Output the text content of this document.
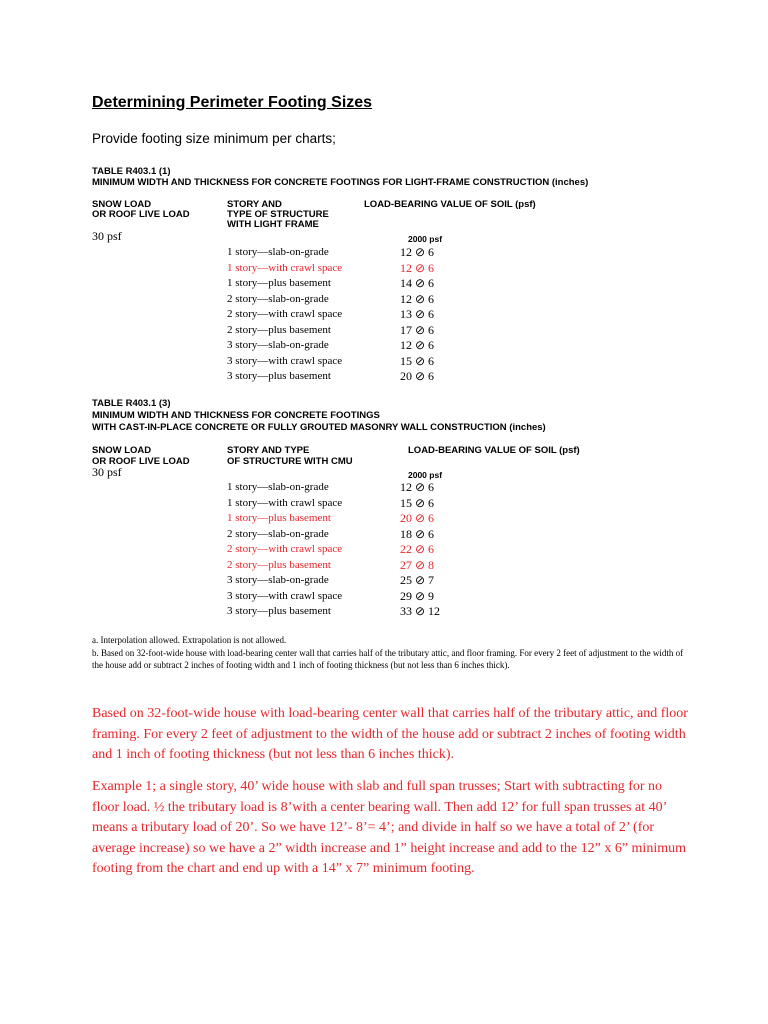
Determining Perimeter Footing Sizes
Provide footing size minimum per charts;
TABLE R403.1 (1)
MINIMUM WIDTH AND THICKNESS FOR CONCRETE FOOTINGS FOR LIGHT-FRAME CONSTRUCTION (inches)
SNOW LOAD
OR ROOF LIVE LOAD
STORY AND
TYPE OF STRUCTURE
WITH LIGHT FRAME
LOAD-BEARING VALUE OF SOIL (psf)
30 psf	2000 psf
1 story—slab-on-grade	12 ⊘ 6
1 story—with crawl space	12 ⊘ 6
1 story—plus basement	14 ⊘ 6
2 story—slab-on-grade	12 ⊘ 6
2 story—with crawl space	13 ⊘ 6
2 story—plus basement	17 ⊘ 6
3 story—slab-on-grade	12 ⊘ 6
3 story—with crawl space	15 ⊘ 6
3 story—plus basement	20 ⊘ 6
TABLE R403.1 (3)
MINIMUM WIDTH AND THICKNESS FOR CONCRETE FOOTINGS
WITH CAST-IN-PLACE CONCRETE OR FULLY GROUTED MASONRY WALL CONSTRUCTION (inches)
SNOW LOAD
OR ROOF LIVE LOAD
STORY AND TYPE
OF STRUCTURE WITH CMU
LOAD-BEARING VALUE OF SOIL (psf)
30 psf	2000 psf
1 story—slab-on-grade	12 ⊘ 6
1 story—with crawl space	15 ⊘ 6
1 story—plus basement	20 ⊘ 6
2 story—slab-on-grade	18 ⊘ 6
2 story—with crawl space	22 ⊘ 6
2 story—plus basement	27 ⊘ 8
3 story—slab-on-grade	25 ⊘ 7
3 story—with crawl space	29 ⊘ 9
3 story—plus basement	33 ⊘ 12

a. Interpolation allowed. Extrapolation is not allowed.

b. Based on 32-foot-wide house with load-bearing center wall that carries half of the tributary attic, and floor framing. For every 2 feet of adjustment to the width of the house add or subtract 2 inches of footing width and 1 inch of footing thickness (but not less than 6 inches thick).

Based on 32-foot-wide house with load-bearing center wall that carries half of the tributary attic, and floor framing. For every 2 feet of adjustment to the width of the house add or subtract 2 inches of footing width and 1 inch of footing thickness (but not less than 6 inches thick).

Example 1; a single story, 40’ wide house with slab and full span trusses; Start with subtracting for no floor load. ½ the tributary load is 8’with a center bearing wall. Then add 12’ for full span trusses at 40’ means a tributary load of 20’. So we have 12’- 8’= 4’; and divide in half so we have a total of 2’ (for average increase) so we have a 2” width increase and 1” height increase and add to the 12” x 6” minimum footing from the chart and end up with a 14” x 7” minimum footing.
